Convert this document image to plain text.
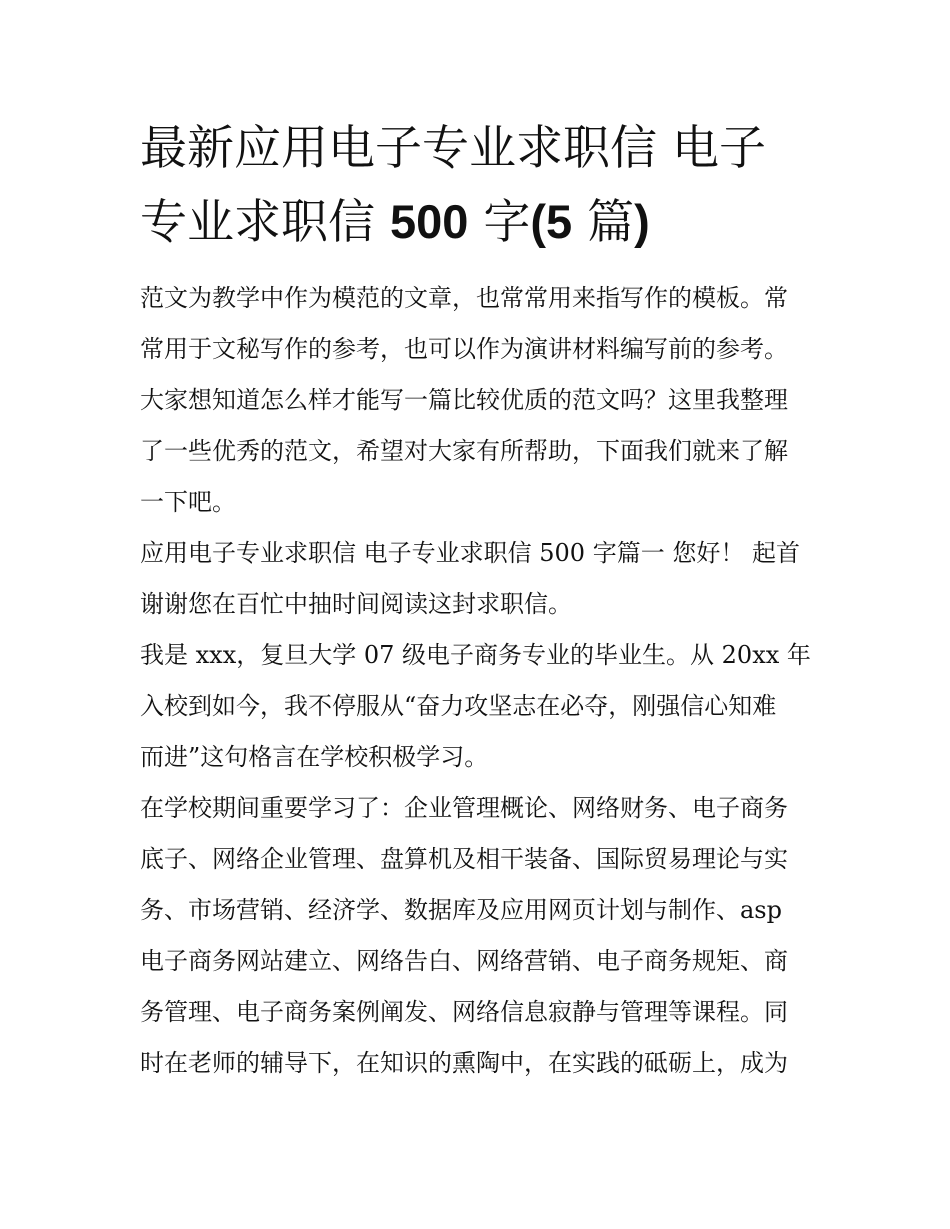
最新应用电子专业求职信 电子
专业求职信 500 字(5 篇)

范文为教学中作为模范的文章，也常常用来指写作的模板。常
常用于文秘写作的参考，也可以作为演讲材料编写前的参考。
大家想知道怎么样才能写一篇比较优质的范文吗？这里我整理
了一些优秀的范文，希望对大家有所帮助，下面我们就来了解
一下吧。

应用电子专业求职信 电子专业求职信 500 字篇一 您好！ 起首
谢谢您在百忙中抽时间阅读这封求职信。

我是 xxx，复旦大学 07 级电子商务专业的毕业生。从 20xx 年
入校到如今，我不停服从“奋力攻坚志在必夺，刚强信心知难
而进”这句格言在学校积极学习。

在学校期间重要学习了：企业管理概论、网络财务、电子商务
底子、网络企业管理、盘算机及相干装备、国际贸易理论与实
务、市场营销、经济学、数据库及应用网页计划与制作、asp
电子商务网站建立、网络告白、网络营销、电子商务规矩、商
务管理、电子商务案例阐发、网络信息寂静与管理等课程。同
时在老师的辅导下，在知识的熏陶中，在实践的砥砺上，成为
